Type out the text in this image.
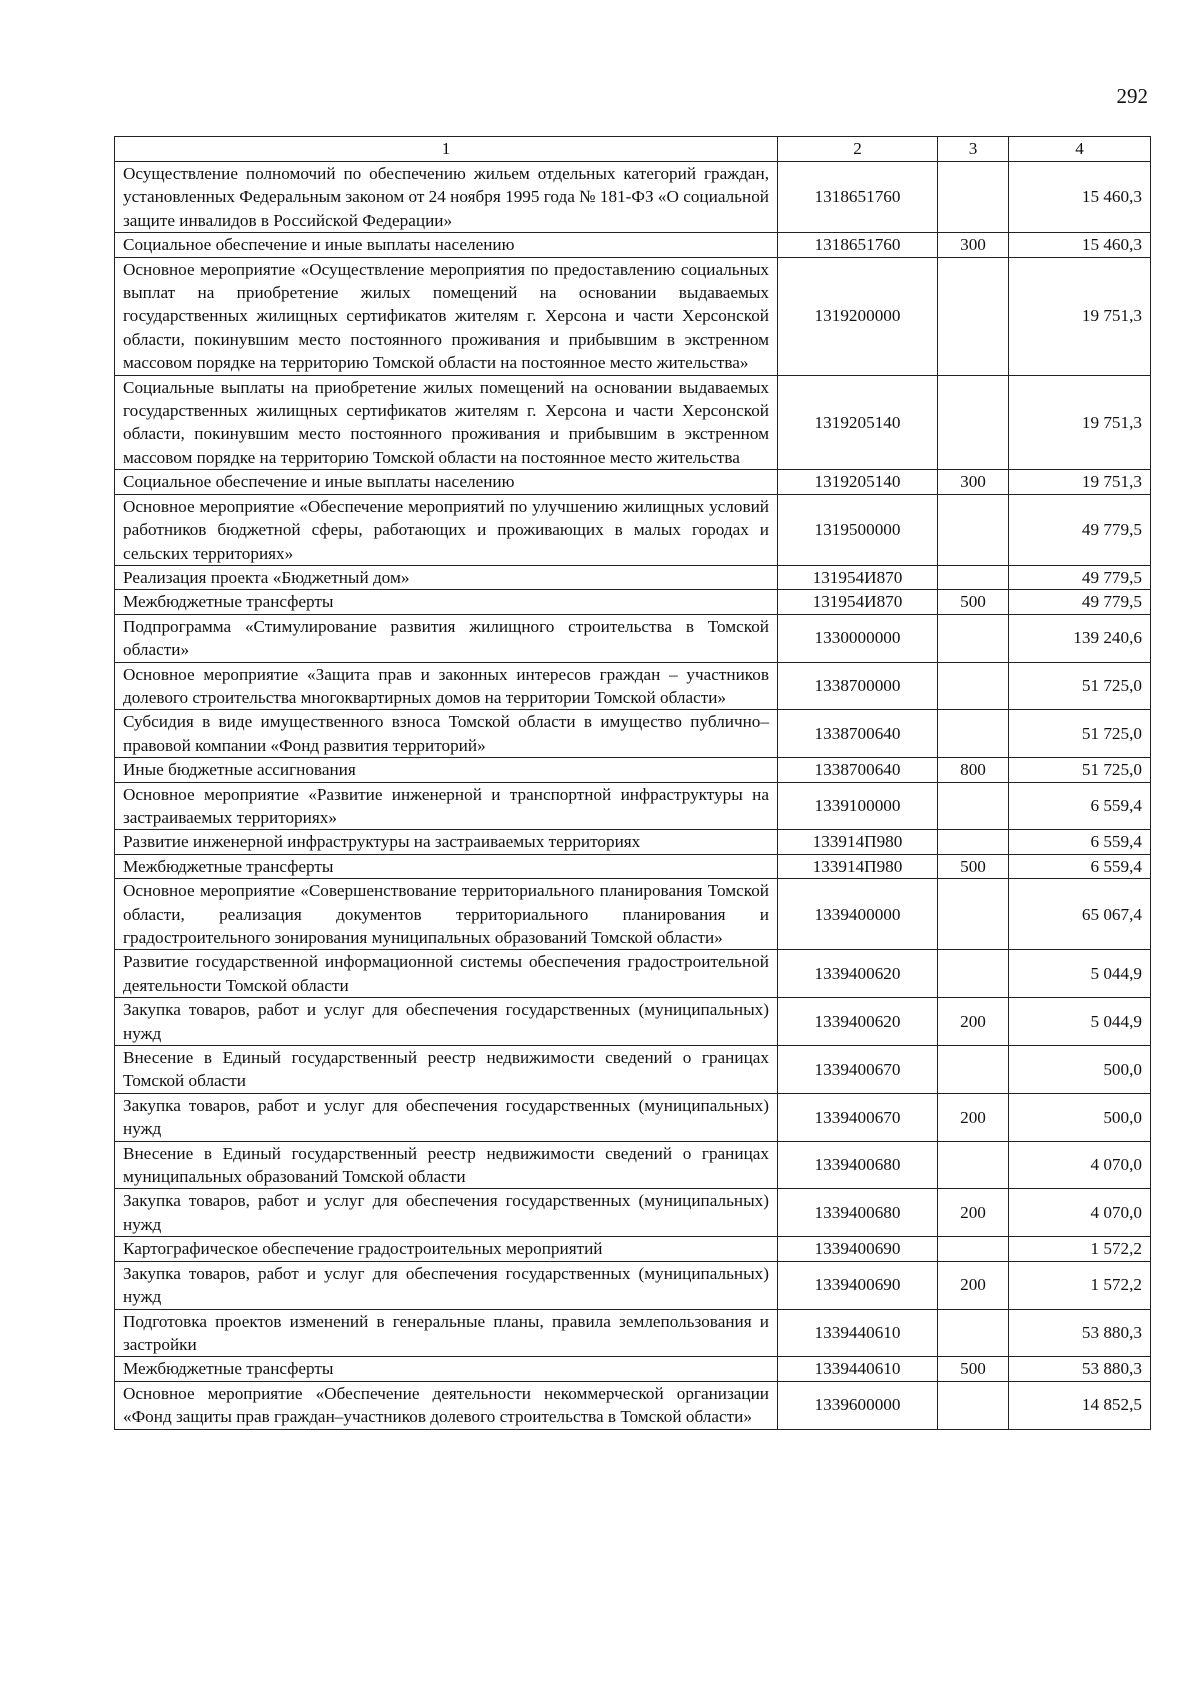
292
1	2	3	4
Осуществление полномочий по обеспечению жильем отдельных категорий граждан, установленных Федеральным законом от 24 ноября 1995 года № 181-ФЗ «О социальной защите инвалидов в Российской Федерации»	1318651760		15 460,3
Социальное обеспечение и иные выплаты населению	1318651760	300	15 460,3
Основное мероприятие «Осуществление мероприятия по предоставлению социальных выплат на приобретение жилых помещений на основании выдаваемых государственных жилищных сертификатов жителям г. Херсона и части Херсонской области, покинувшим место постоянного проживания и прибывшим в экстренном массовом порядке на территорию Томской области на постоянное место жительства»	1319200000		19 751,3
Социальные выплаты на приобретение жилых помещений на основании выдаваемых государственных жилищных сертификатов жителям г. Херсона и части Херсонской области, покинувшим место постоянного проживания и прибывшим в экстренном массовом порядке на территорию Томской области на постоянное место жительства	1319205140		19 751,3
Социальное обеспечение и иные выплаты населению	1319205140	300	19 751,3
Основное мероприятие «Обеспечение мероприятий по улучшению жилищных условий работников бюджетной сферы, работающих и проживающих в малых городах и сельских территориях»	1319500000		49 779,5
Реализация проекта «Бюджетный дом»	131954И870		49 779,5
Межбюджетные трансферты	131954И870	500	49 779,5
Подпрограмма «Стимулирование развития жилищного строительства в Томской области»	1330000000		139 240,6
Основное мероприятие «Защита прав и законных интересов граждан – участников долевого строительства многоквартирных домов на территории Томской области»	1338700000		51 725,0
Субсидия в виде имущественного взноса Томской области в имущество публично–правовой компании «Фонд развития территорий»	1338700640		51 725,0
Иные бюджетные ассигнования	1338700640	800	51 725,0
Основное мероприятие «Развитие инженерной и транспортной инфраструктуры на застраиваемых территориях»	1339100000		6 559,4
Развитие инженерной инфраструктуры на застраиваемых территориях	133914П980		6 559,4
Межбюджетные трансферты	133914П980	500	6 559,4
Основное мероприятие «Совершенствование территориального планирования Томской области, реализация документов территориального планирования и градостроительного зонирования муниципальных образований Томской области»	1339400000		65 067,4
Развитие государственной информационной системы обеспечения градостроительной деятельности Томской области	1339400620		5 044,9
Закупка товаров, работ и услуг для обеспечения государственных (муниципальных) нужд	1339400620	200	5 044,9
Внесение в Единый государственный реестр недвижимости сведений о границах Томской области	1339400670		500,0
Закупка товаров, работ и услуг для обеспечения государственных (муниципальных) нужд	1339400670	200	500,0
Внесение в Единый государственный реестр недвижимости сведений о границах муниципальных образований Томской области	1339400680		4 070,0
Закупка товаров, работ и услуг для обеспечения государственных (муниципальных) нужд	1339400680	200	4 070,0
Картографическое обеспечение градостроительных мероприятий	1339400690		1 572,2
Закупка товаров, работ и услуг для обеспечения государственных (муниципальных) нужд	1339400690	200	1 572,2
Подготовка проектов изменений в генеральные планы, правила землепользования и застройки	1339440610		53 880,3
Межбюджетные трансферты	1339440610	500	53 880,3
Основное мероприятие «Обеспечение деятельности некоммерческой организации «Фонд защиты прав граждан–участников долевого строительства в Томской области»	1339600000		14 852,5
